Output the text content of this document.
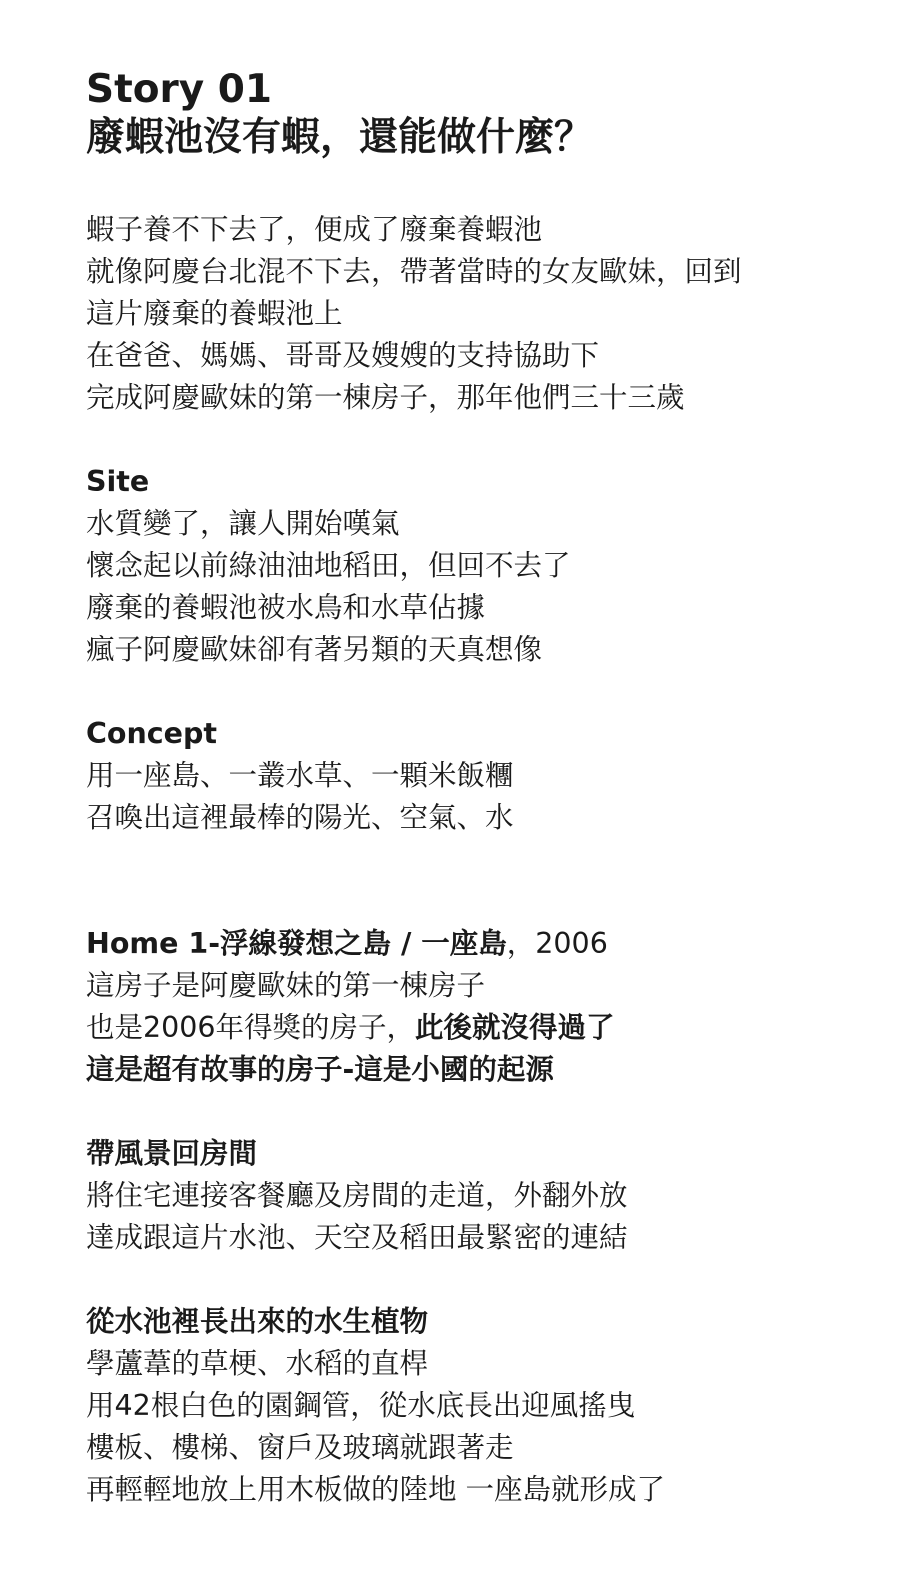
Story 01
廢蝦池沒有蝦，還能做什麼？
蝦子養不下去了，便成了廢棄養蝦池
就像阿慶台北混不下去，帶著當時的女友歐妹，回到
這片廢棄的養蝦池上
在爸爸、媽媽、哥哥及嫂嫂的支持協助下
完成阿慶歐妹的第一棟房子，那年他們三十三歲
Site
水質變了，讓人開始嘆氣
懷念起以前綠油油地稻田，但回不去了
廢棄的養蝦池被水鳥和水草佔據
瘋子阿慶歐妹卻有著另類的天真想像
Concept
用一座島、一叢水草、一顆米飯糰
召喚出這裡最棒的陽光、空氣、水
Home 1-浮線發想之島 / 一座島，2006
這房子是阿慶歐妹的第一棟房子
也是2006年得獎的房子，此後就沒得過了
這是超有故事的房子-這是小國的起源
帶風景回房間
將住宅連接客餐廳及房間的走道，外翻外放
達成跟這片水池、天空及稻田最緊密的連結
從水池裡長出來的水生植物
學蘆葦的草梗、水稻的直桿
用42根白色的園鋼管，從水底長出迎風搖曳
樓板、樓梯、窗戶及玻璃就跟著走
再輕輕地放上用木板做的陸地 一座島就形成了
